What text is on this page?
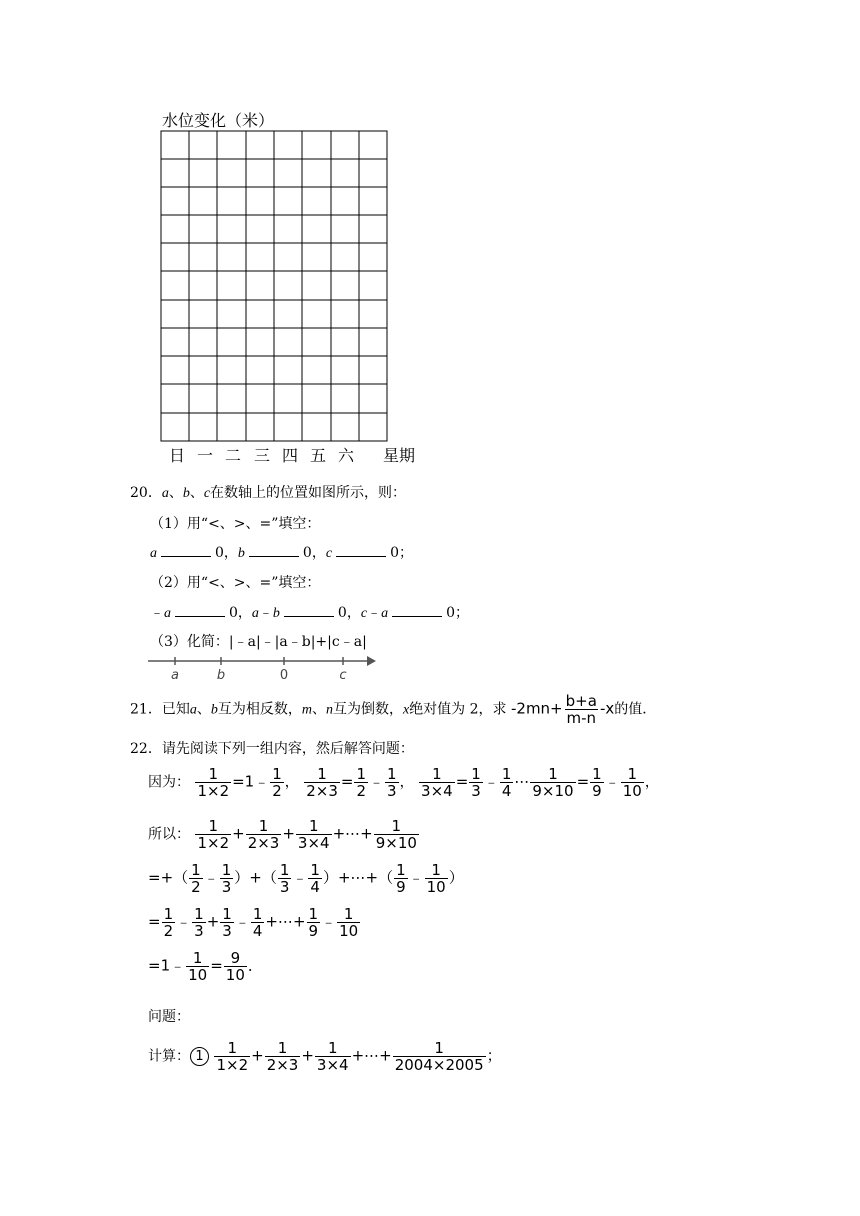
水位变化（米）
日 一 二 三 四 五 六 星期
20．a、b、c在数轴上的位置如图所示，则：
（1）用“<、>、=”填空：
a	0，b	0，c	0；
（2）用“<、>、=”填空：
﹣a	0，a﹣b	0，c﹣a	0；
（3）化简：|﹣a|﹣|a﹣b|+|c﹣a|
a	b	0	c
21．已知a、b互为相反数，m、n互为倒数，x绝对值为 2，求 $-2mn+ \frac{b+a}{m-n} -x$的值．
22．请先阅读下列一组内容，然后解答问题：
因为： $\frac{1}{1\times 2}$ =1﹣ $\frac{1}{2}$ ， $\frac{1}{2\times 3} = \frac{1}{2}$ ﹣ $\frac{1}{3}$ ， $\frac{1}{3\times 4} = \frac{1}{3}$ ﹣ $\frac{1}{4}$ ⋯ $\frac{1}{9\times 10} = \frac{1}{9}$ ﹣ $\frac{1}{10}$ ，
所以： $\frac{1}{1\times 2} + \frac{1}{2\times 3} + \frac{1}{3\times 4}$ +⋯+ $\frac{1}{9\times 10}$
=+（ $\frac{1}{2}$ ﹣ $\frac{1}{3}$ ）+（ $\frac{1}{3}$ ﹣ $\frac{1}{4}$ ）+⋯+（ $\frac{1}{9}$ ﹣ $\frac{1}{10}$ ）
= $\frac{1}{2}$ ﹣ $\frac{1}{3} + \frac{1}{3}$ ﹣ $\frac{1}{4}$ +⋯+ $\frac{1}{9}$ ﹣ $\frac{1}{10}$
=1﹣ $\frac{1}{10} = \frac{9}{10}$ ．
问题：
计算： $1 \frac{1}{1\times 2} + \frac{1}{2\times 3} + \frac{1}{3\times 4}$ +⋯+ $\frac{1}{2004\times 2005}$ ；
